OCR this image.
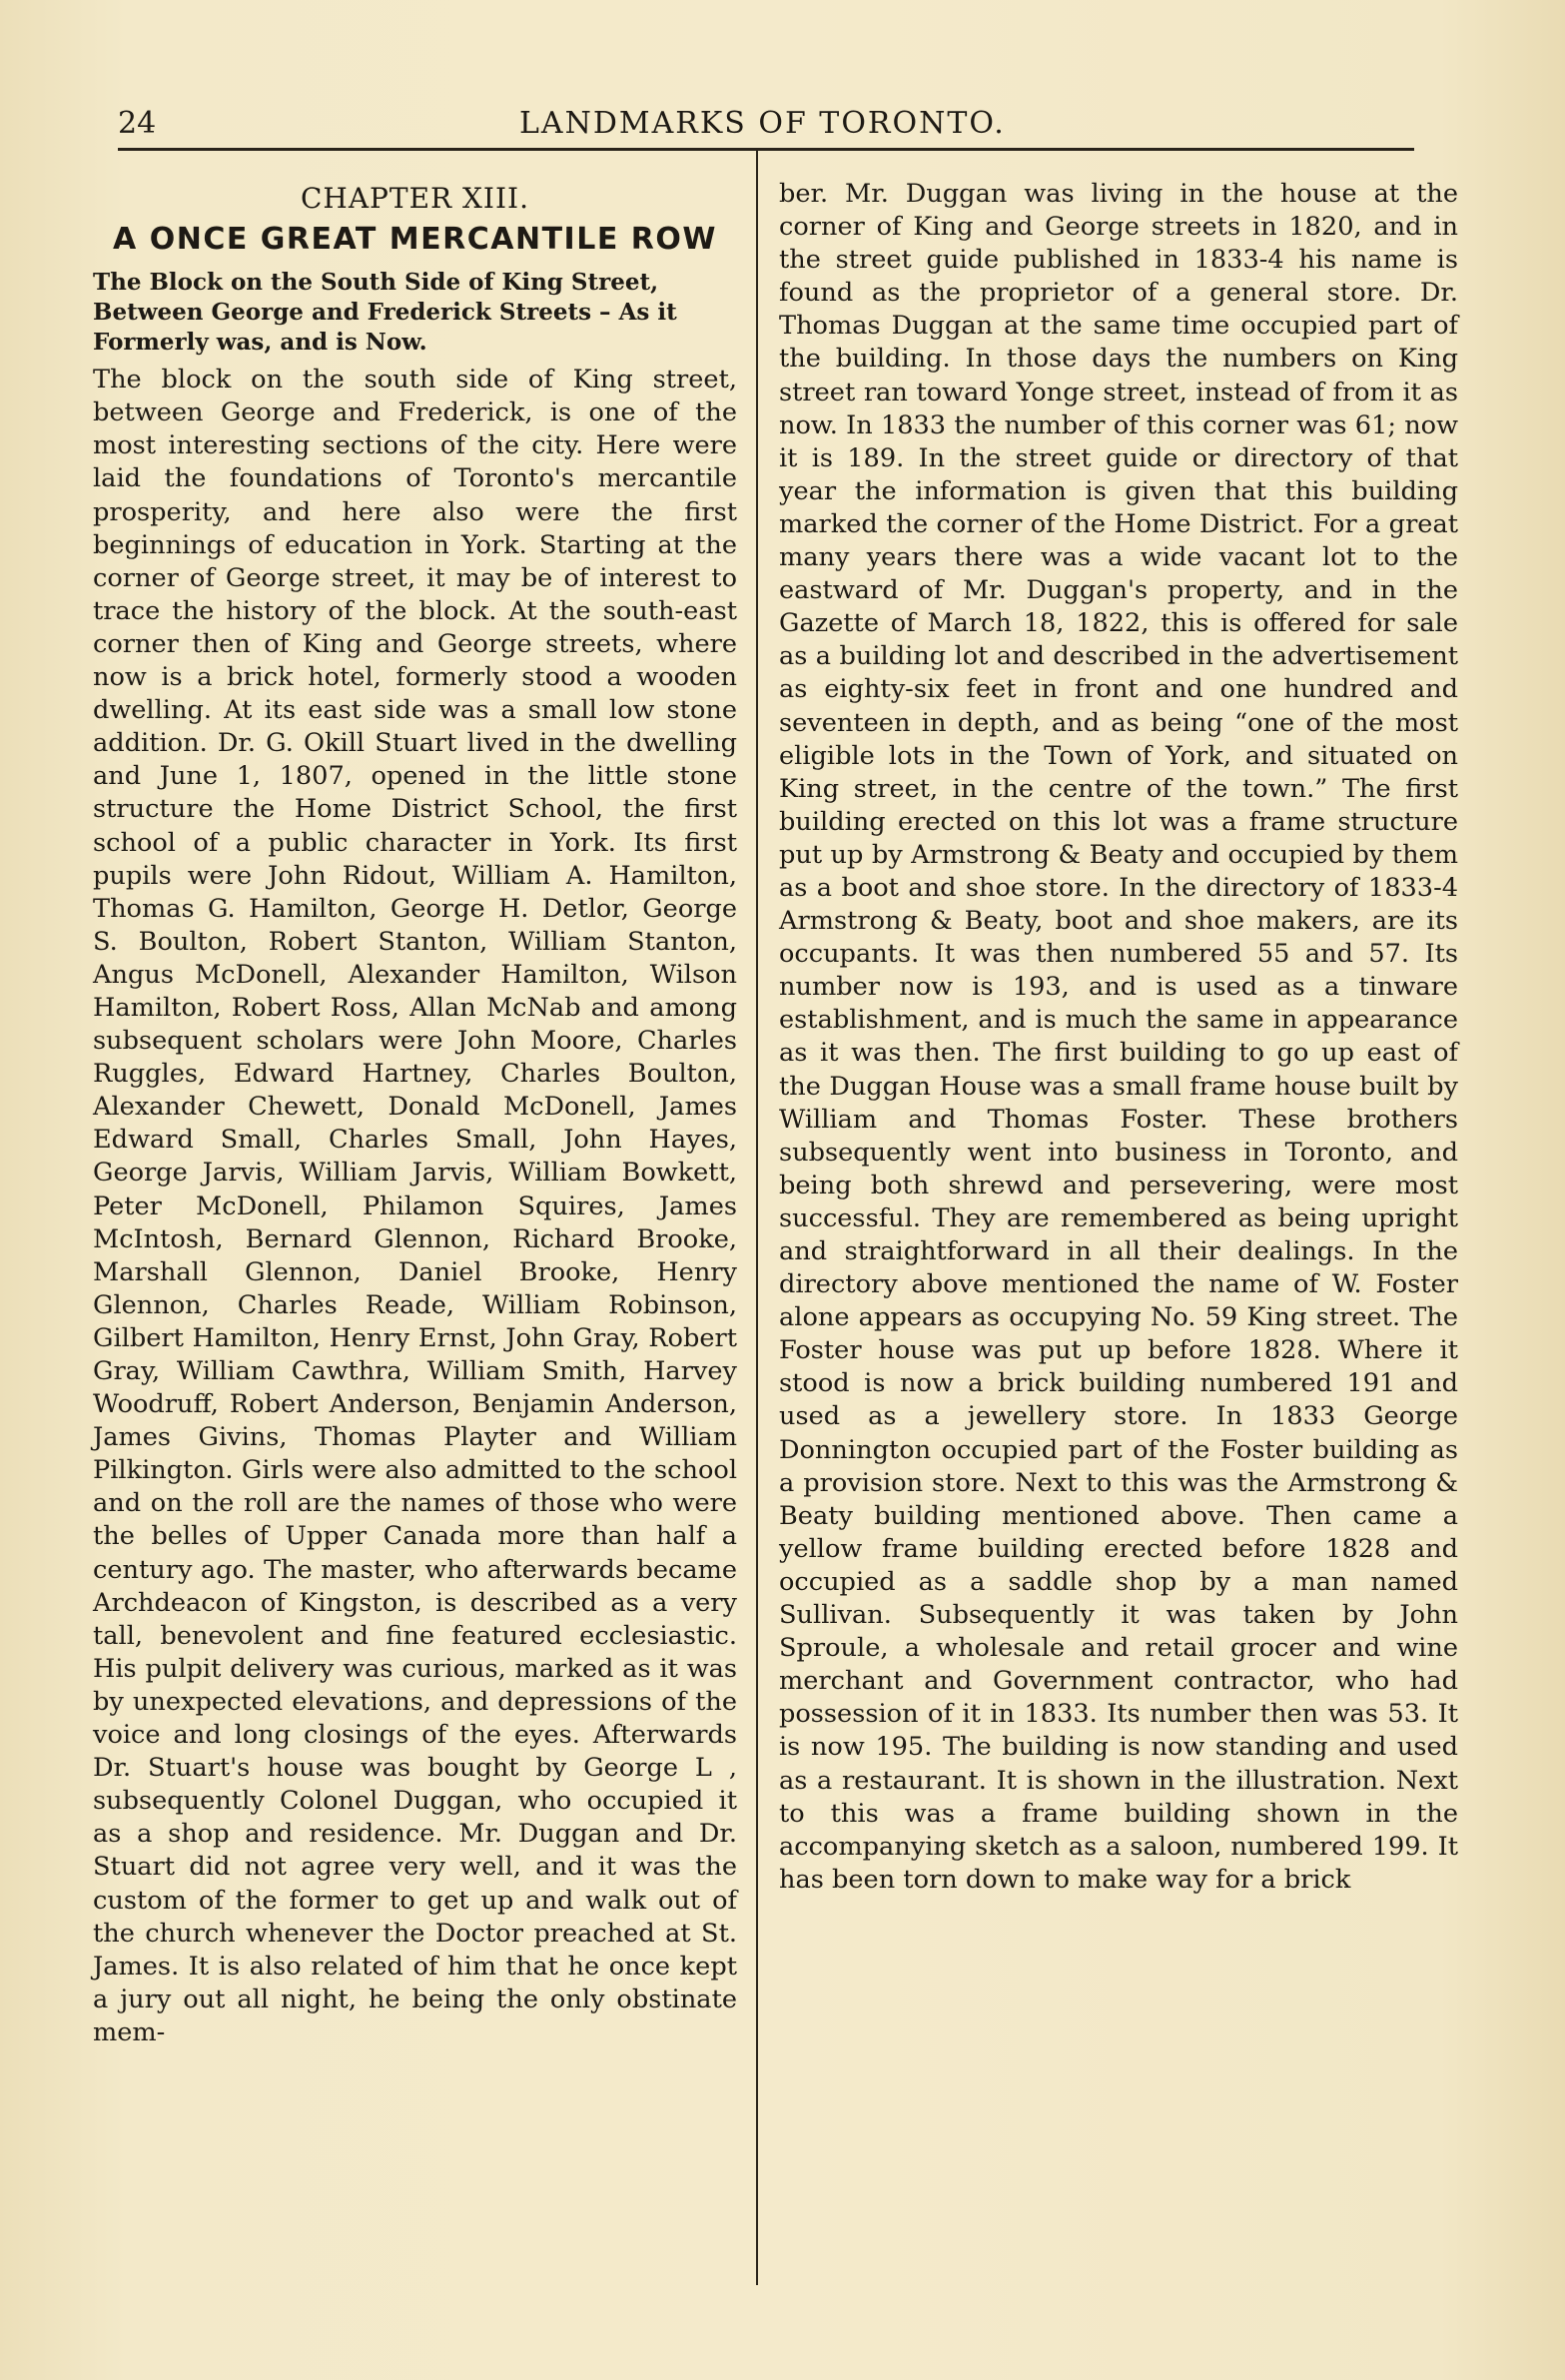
24	LANDMARKS OF TORONTO.
CHAPTER XIII.
A ONCE GREAT MERCANTILE ROW
The Block on the South Side of King Street, Between George and Frederick Streets – As it Formerly was, and is Now.

The block on the south side of King street, between George and Frederick, is one of the most interesting sections of the city. Here were laid the foundations of Toronto's mercantile prosperity, and here also were the first beginnings of education in York. Starting at the corner of George street, it may be of interest to trace the history of the block. At the south-east corner then of King and George streets, where now is a brick hotel, formerly stood a wooden dwelling. At its east side was a small low stone addition. Dr. G. Okill Stuart lived in the dwelling and June 1, 1807, opened in the little stone structure the Home District School, the first school of a public character in York. Its first pupils were John Ridout, William A. Hamilton, Thomas G. Hamilton, George H. Detlor, George S. Boulton, Robert Stanton, William Stanton, Angus McDonell, Alexander Hamilton, Wilson Hamilton, Robert Ross, Allan McNab and among subsequent scholars were John Moore, Charles Ruggles, Edward Hartney, Charles Boulton, Alexander Chewett, Donald McDonell, James Edward Small, Charles Small, John Hayes, George Jarvis, William Jarvis, William Bowkett, Peter McDonell, Philamon Squires, James McIntosh, Bernard Glennon, Richard Brooke, Marshall Glennon, Daniel Brooke, Henry Glennon, Charles Reade, William Robinson, Gilbert Hamilton, Henry Ernst, John Gray, Robert Gray, William Cawthra, William Smith, Harvey Woodruff, Robert Anderson, Benjamin Anderson, James Givins, Thomas Playter and William Pilkington. Girls were also admitted to the school and on the roll are the names of those who were the belles of Upper Canada more than half a century ago. The master, who afterwards became Archdeacon of Kingston, is described as a very tall, benevolent and fine featured ecclesiastic. His pulpit delivery was curious, marked as it was by unexpected elevations, and depressions of the voice and long closings of the eyes. Afterwards Dr. Stuart's house was bought by George L , subsequently Colonel Duggan, who occupied it as a shop and residence. Mr. Duggan and Dr. Stuart did not agree very well, and it was the custom of the former to get up and walk out of the church whenever the Doctor preached at St. James. It is also related of him that he once kept a jury out all night, he being the only obstinate mem-

ber. Mr. Duggan was living in the house at the corner of King and George streets in 1820, and in the street guide published in 1833-4 his name is found as the proprietor of a general store. Dr. Thomas Duggan at the same time occupied part of the building. In those days the numbers on King street ran toward Yonge street, instead of from it as now. In 1833 the number of this corner was 61; now it is 189. In the street guide or directory of that year the information is given that this building marked the corner of the Home District. For a great many years there was a wide vacant lot to the eastward of Mr. Duggan's property, and in the Gazette of March 18, 1822, this is offered for sale as a building lot and described in the advertisement as eighty-six feet in front and one hundred and seventeen in depth, and as being “one of the most eligible lots in the Town of York, and situated on King street, in the centre of the town.” The first building erected on this lot was a frame structure put up by Armstrong & Beaty and occupied by them as a boot and shoe store. In the directory of 1833-4 Armstrong & Beaty, boot and shoe makers, are its occupants. It was then numbered 55 and 57. Its number now is 193, and is used as a tinware establishment, and is much the same in appearance as it was then. The first building to go up east of the Duggan House was a small frame house built by William and Thomas Foster. These brothers subsequently went into business in Toronto, and being both shrewd and persevering, were most successful. They are remembered as being upright and straightforward in all their dealings. In the directory above mentioned the name of W. Foster alone appears as occupying No. 59 King street. The Foster house was put up before 1828. Where it stood is now a brick building numbered 191 and used as a jewellery store. In 1833 George Donnington occupied part of the Foster building as a provision store. Next to this was the Armstrong & Beaty building mentioned above. Then came a yellow frame building erected before 1828 and occupied as a saddle shop by a man named Sullivan. Subsequently it was taken by John Sproule, a wholesale and retail grocer and wine merchant and Government contractor, who had possession of it in 1833. Its number then was 53. It is now 195. The building is now standing and used as a restaurant. It is shown in the illustration. Next to this was a frame building shown in the accompanying sketch as a saloon, numbered 199. It has been torn down to make way for a brick
